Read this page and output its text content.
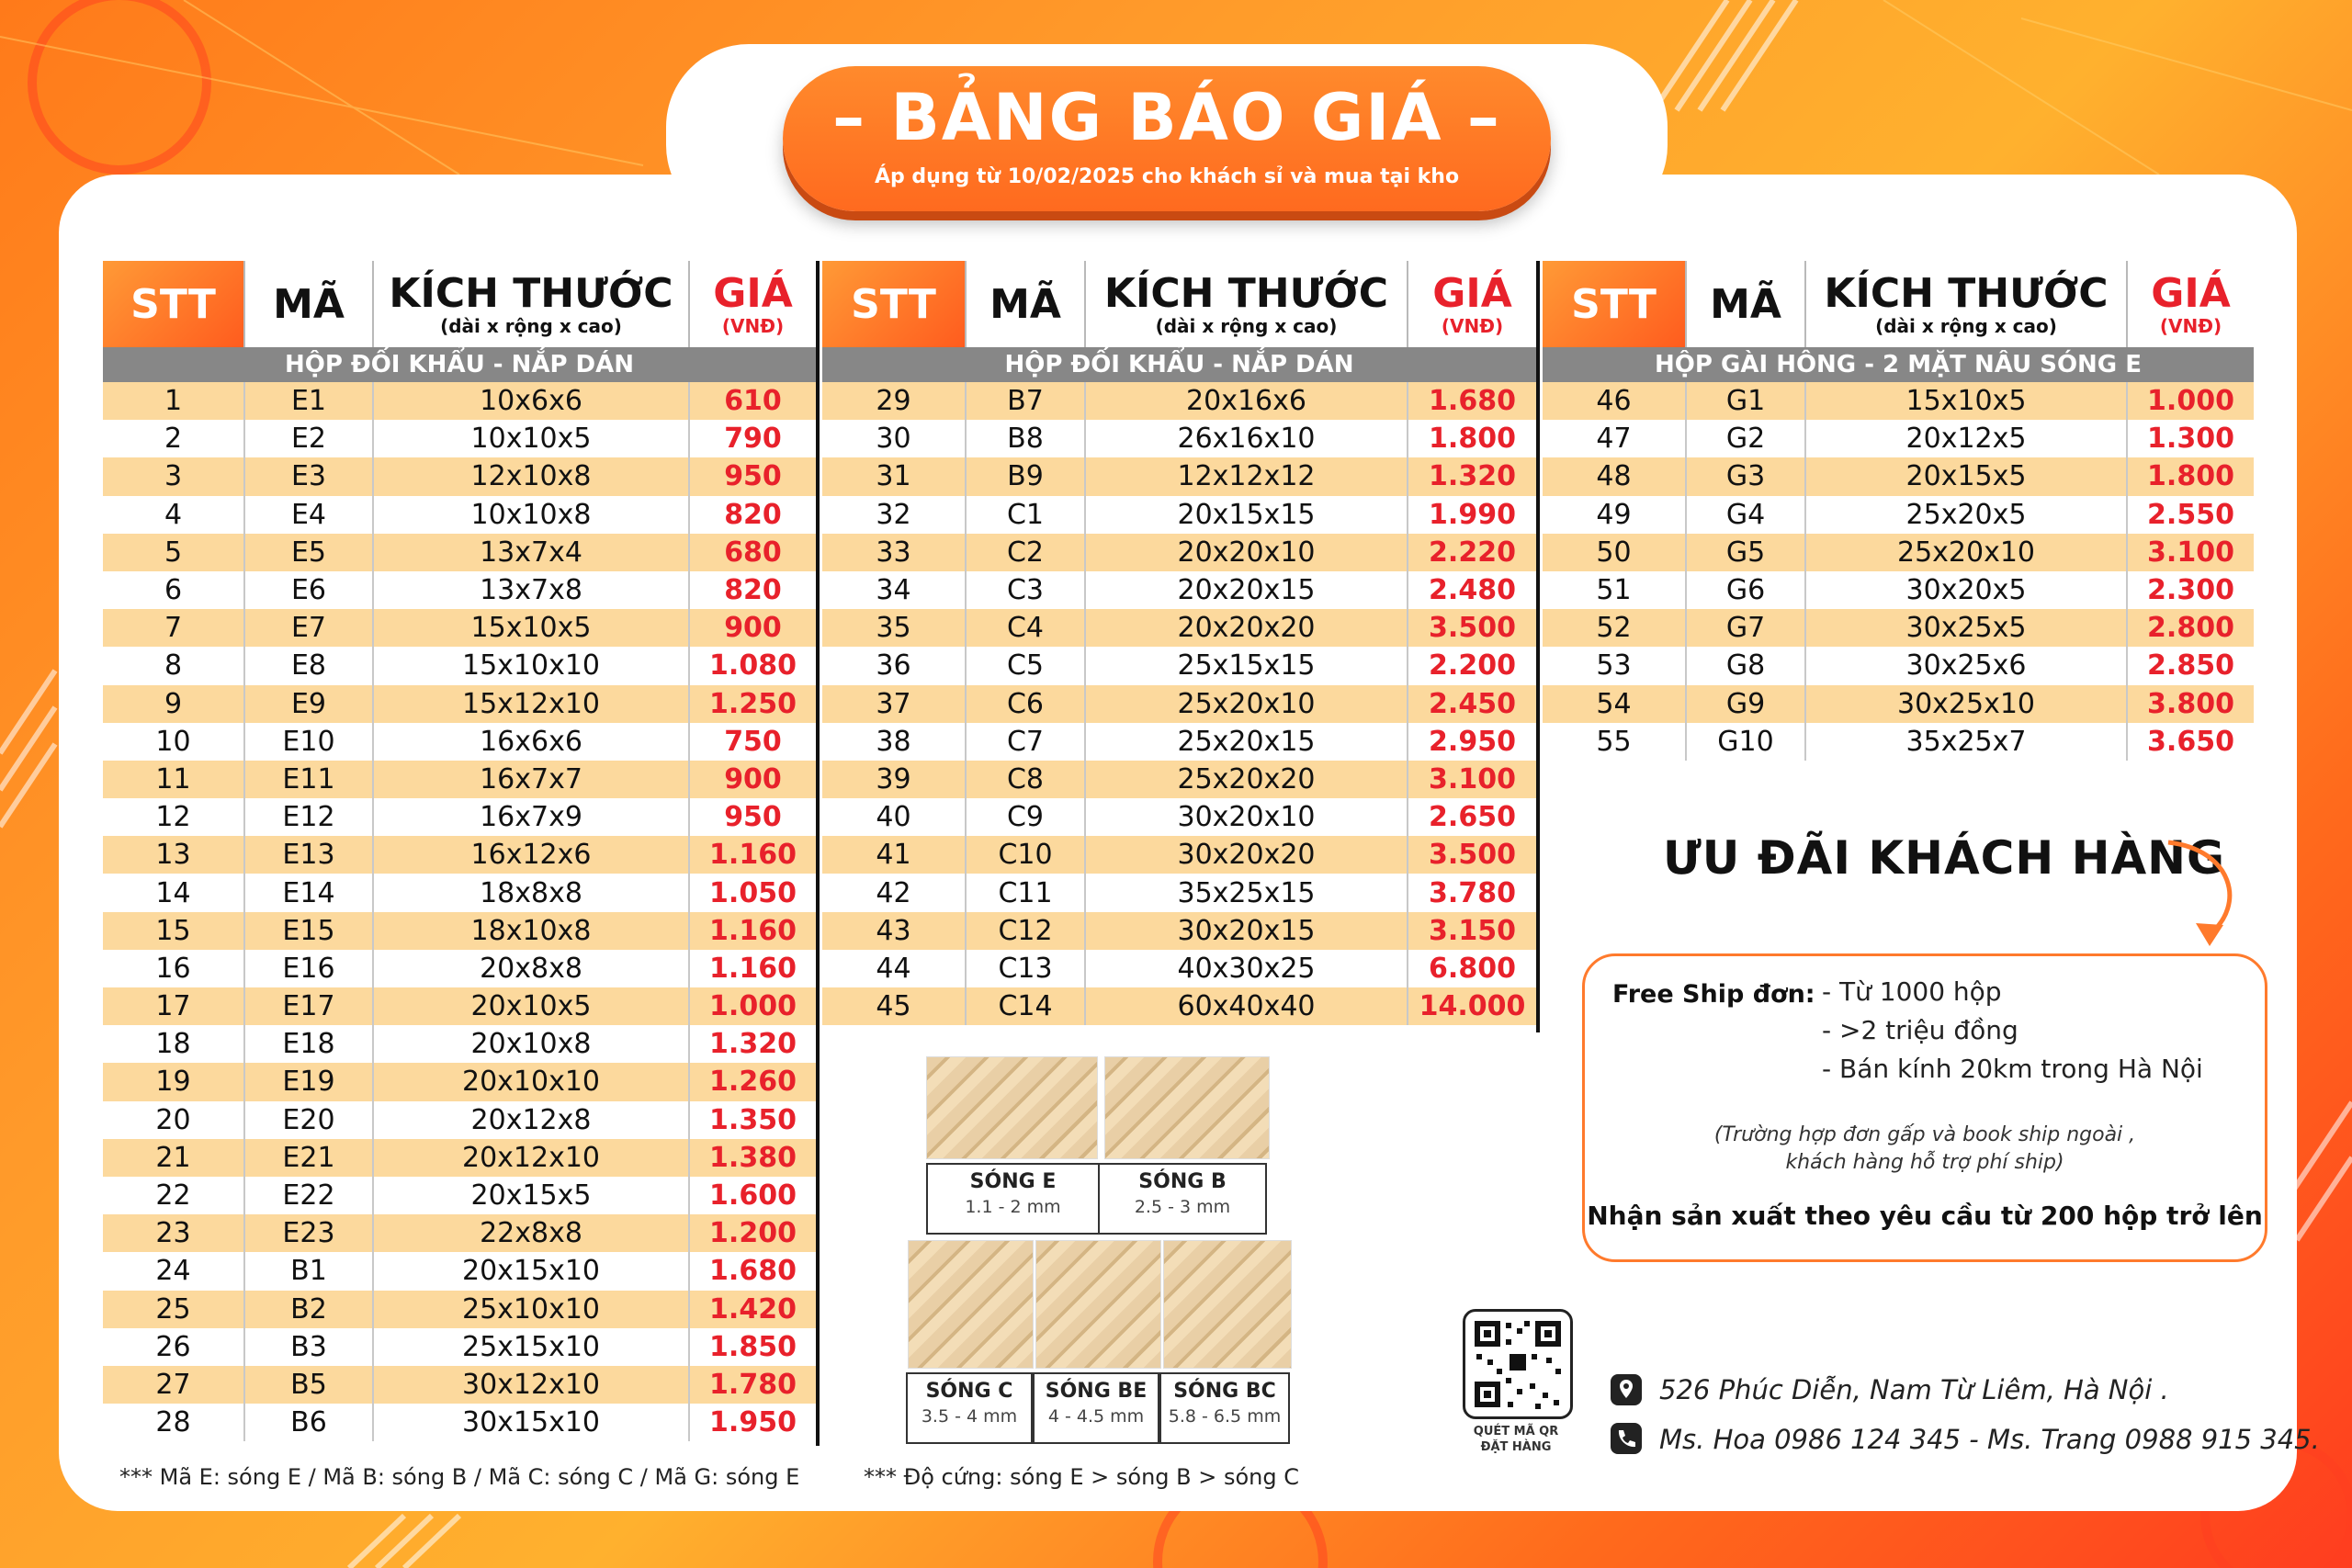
– BẢNG BÁO GIÁ –
Áp dụng từ 10/02/2025 cho khách sỉ và mua tại kho
STT	MÃ	KÍCH THƯỚC
(dài x rộng x cao)	GIÁ
(VNĐ)

HỘP ĐỐI KHẨU - NẮP DÁN			
1	E1	10x6x6	610
2	E2	10x10x5	790
3	E3	12x10x8	950
4	E4	10x10x8	820
5	E5	13x7x4	680
6	E6	13x7x8	820
7	E7	15x10x5	900
8	E8	15x10x10	1.080
9	E9	15x12x10	1.250
10	E10	16x6x6	750
11	E11	16x7x7	900
12	E12	16x7x9	950
13	E13	16x12x6	1.160
14	E14	18x8x8	1.050
15	E15	18x10x8	1.160
16	E16	20x8x8	1.160
17	E17	20x10x5	1.000
18	E18	20x10x8	1.320
19	E19	20x10x10	1.260
20	E20	20x12x8	1.350
21	E21	20x12x10	1.380
22	E22	20x15x5	1.600
23	E23	22x8x8	1.200
24	B1	20x15x10	1.680
25	B2	25x10x10	1.420
26	B3	25x15x10	1.850
27	B5	30x12x10	1.780
28	B6	30x15x10	1.950
STT	MÃ	KÍCH THƯỚC
(dài x rộng x cao)	GIÁ
(VNĐ)

HỘP ĐỐI KHẨU - NẮP DÁN			
29	B7	20x16x6	1.680
30	B8	26x16x10	1.800
31	B9	12x12x12	1.320
32	C1	20x15x15	1.990
33	C2	20x20x10	2.220
34	C3	20x20x15	2.480
35	C4	20x20x20	3.500
36	C5	25x15x15	2.200
37	C6	25x20x10	2.450
38	C7	25x20x15	2.950
39	C8	25x20x20	3.100
40	C9	30x20x10	2.650
41	C10	30x20x20	3.500
42	C11	35x25x15	3.780
43	C12	30x20x15	3.150
44	C13	40x30x25	6.800
45	C14	60x40x40	14.000
STT	MÃ	KÍCH THƯỚC
(dài x rộng x cao)	GIÁ
(VNĐ)

HỘP GÀI HÔNG - 2 MẶT NÂU SÓNG E			
46	G1	15x10x5	1.000
47	G2	20x12x5	1.300
48	G3	20x15x5	1.800
49	G4	25x20x5	2.550
50	G5	25x20x10	3.100
51	G6	30x20x5	2.300
52	G7	30x25x5	2.800
53	G8	30x25x6	2.850
54	G9	30x25x10	3.800
55	G10	35x25x7	3.650
*** Mã E: sóng E / Mã B: sóng B / Mã C: sóng C / Mã G: sóng E	*** Độ cứng: sóng E > sóng B > sóng C
SÓNG E
1.1 - 2 mm
SÓNG B
2.5 - 3 mm
SÓNG C
3.5 - 4 mm
SÓNG BE
4 - 4.5 mm
SÓNG BC
5.8 - 6.5 mm
ƯU ĐÃI KHÁCH HÀNG
Free Ship đơn: - Từ 1000 hộp
- >2 triệu đồng
- Bán kính 20km trong Hà Nội
(Trường hợp đơn gấp và book ship ngoài ,
khách hàng hỗ trợ phí ship)
Nhận sản xuất theo yêu cầu từ 200 hộp trở lên
QUÉT MÃ QR
ĐẶT HÀNG
526 Phúc Diễn, Nam Từ Liêm, Hà Nội .
Ms. Hoa 0986 124 345 - Ms. Trang 0988 915 345.
